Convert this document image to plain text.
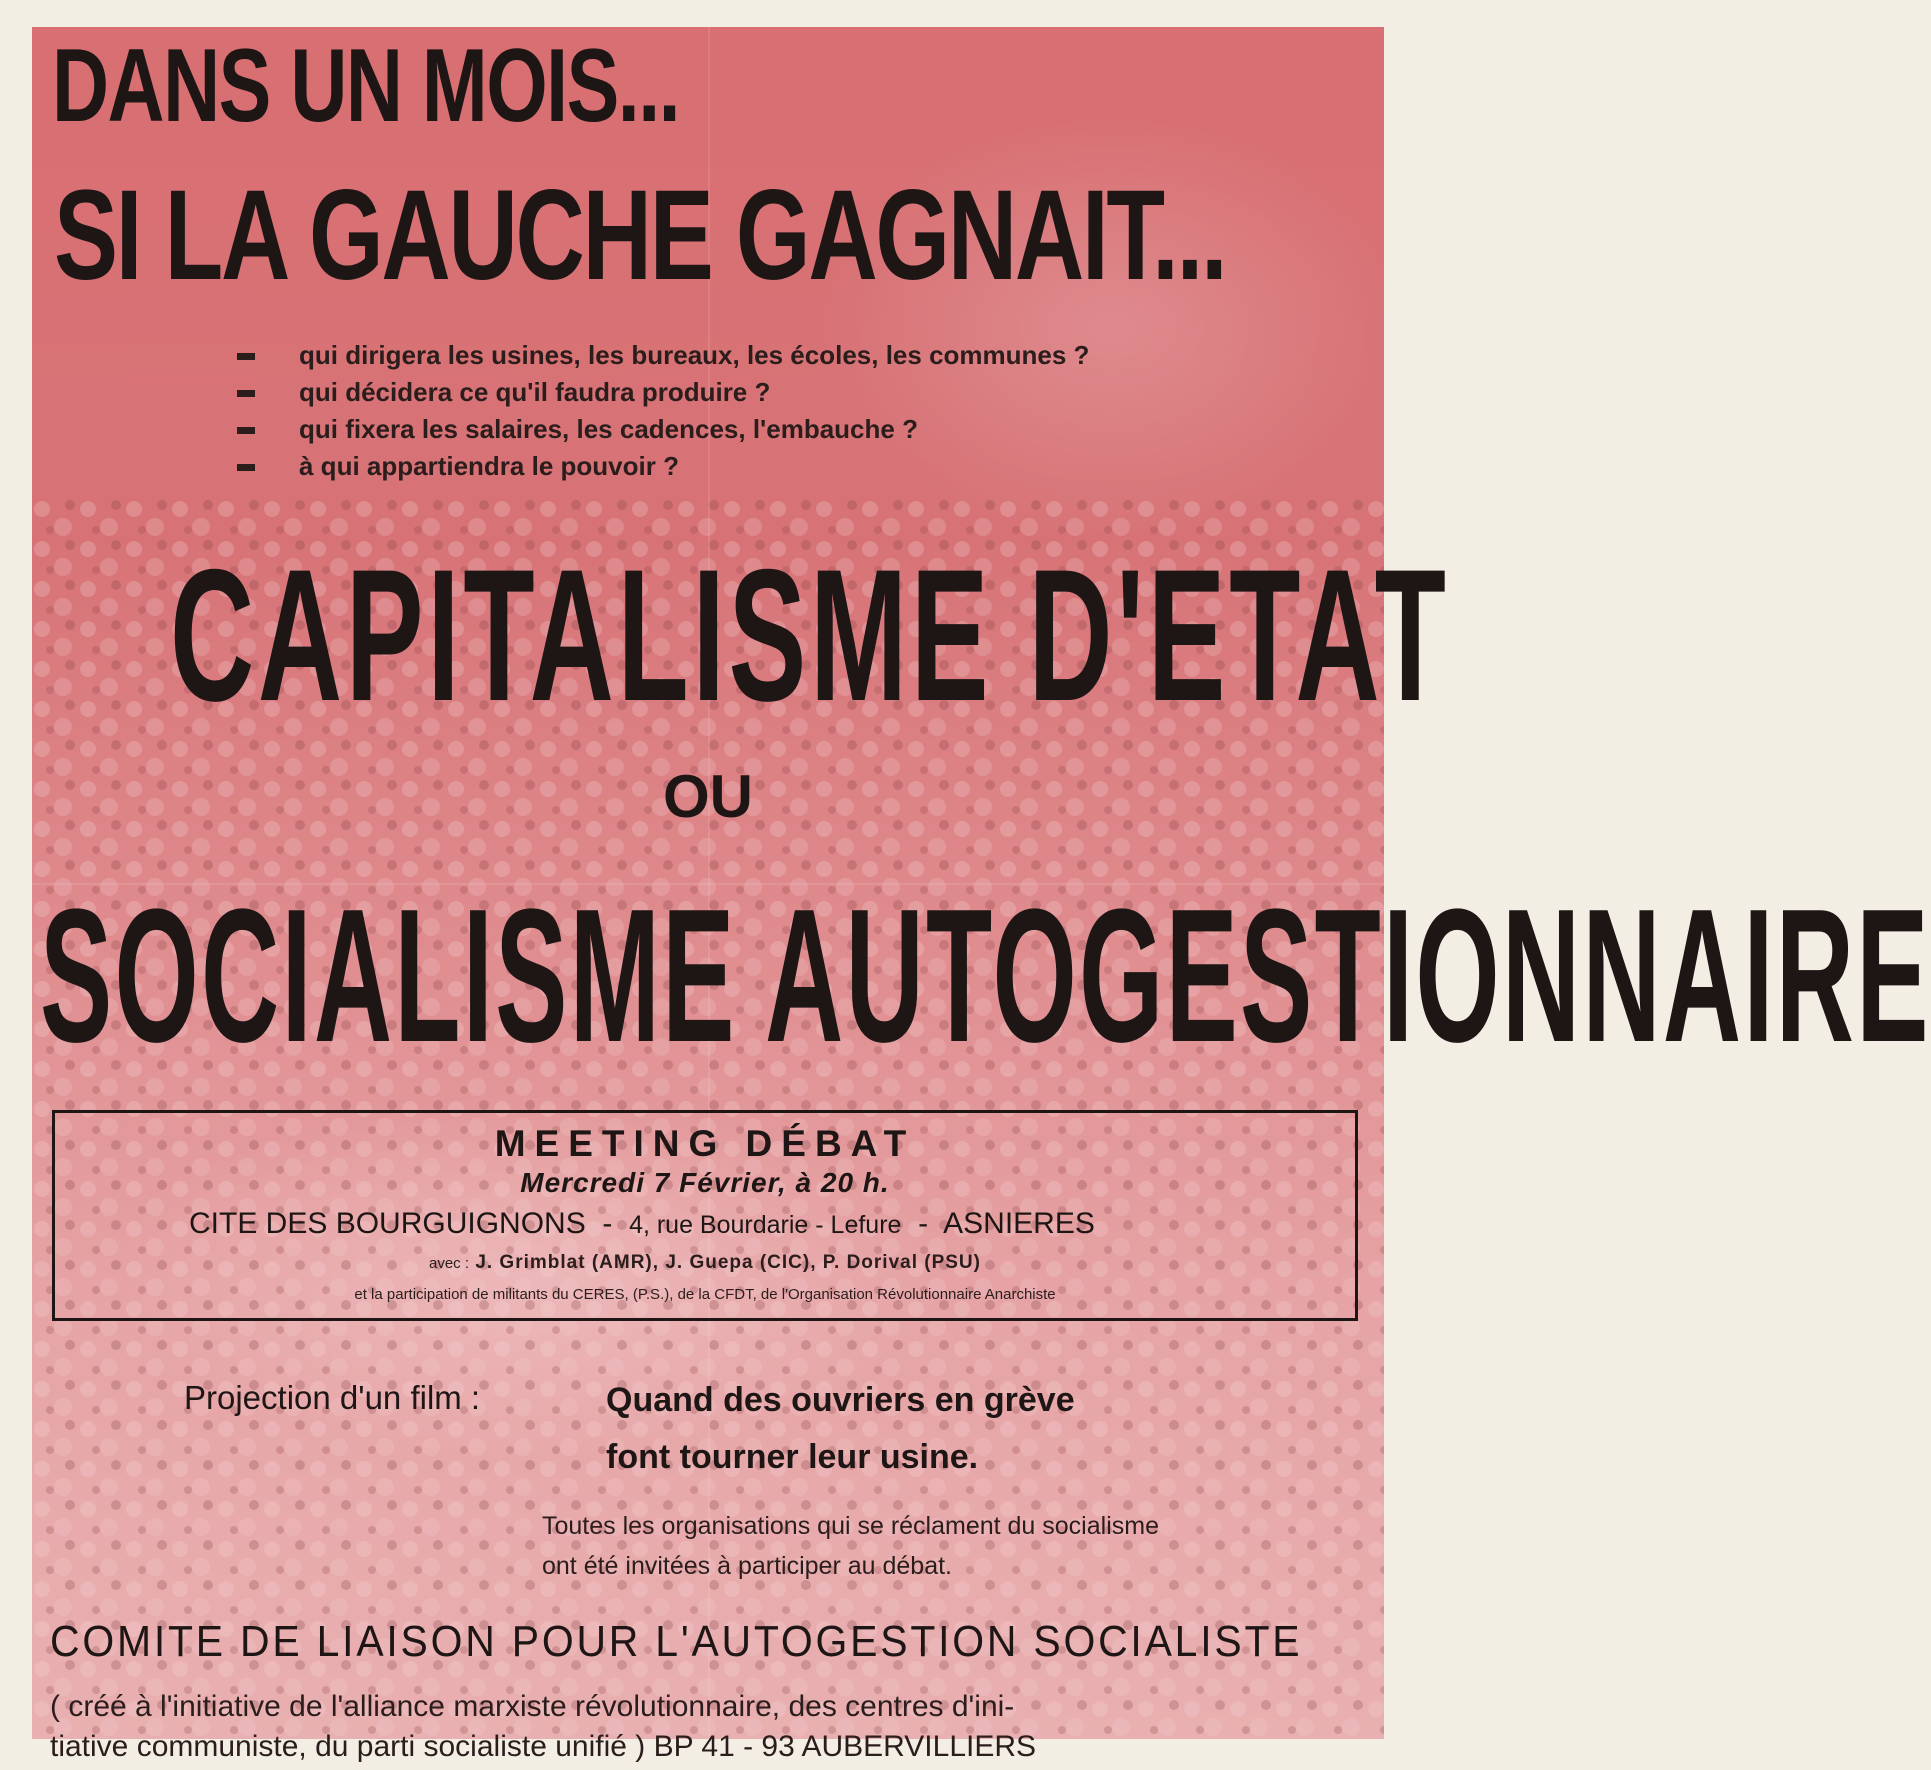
DANS UN MOIS...
SI LA GAUCHE GAGNAIT...
qui dirigera les usines, les bureaux, les écoles, les communes ?
qui décidera ce qu'il faudra produire ?
qui fixera les salaires, les cadences, l'embauche ?
à qui appartiendra le pouvoir ?
CAPITALISME D'ETAT
OU
SOCIALISME AUTOGESTIONNAIRE
MEETING DÉBAT
Mercredi 7 Février, à 20 h.
CITE DES BOURGUIGNONS  -  4, rue Bourdarie - Lefure  -  ASNIERES
avec : J. Grimblat (AMR), J. Guepa (CIC), P. Dorival (PSU)
et la participation de militants du CERES, (P.S.), de la CFDT, de l'Organisation Révolutionnaire Anarchiste
Projection d'un film :	Quand des ouvriers en grève
font tourner leur usine.
Toutes les organisations qui se réclament du socialisme
ont été invitées à participer au débat.
COMITE DE LIAISON POUR L'AUTOGESTION SOCIALISTE
( créé à l'initiative de l'alliance marxiste révolutionnaire, des centres d'ini-
tiative communiste, du parti socialiste unifié ) BP 41 - 93 AUBERVILLIERS
